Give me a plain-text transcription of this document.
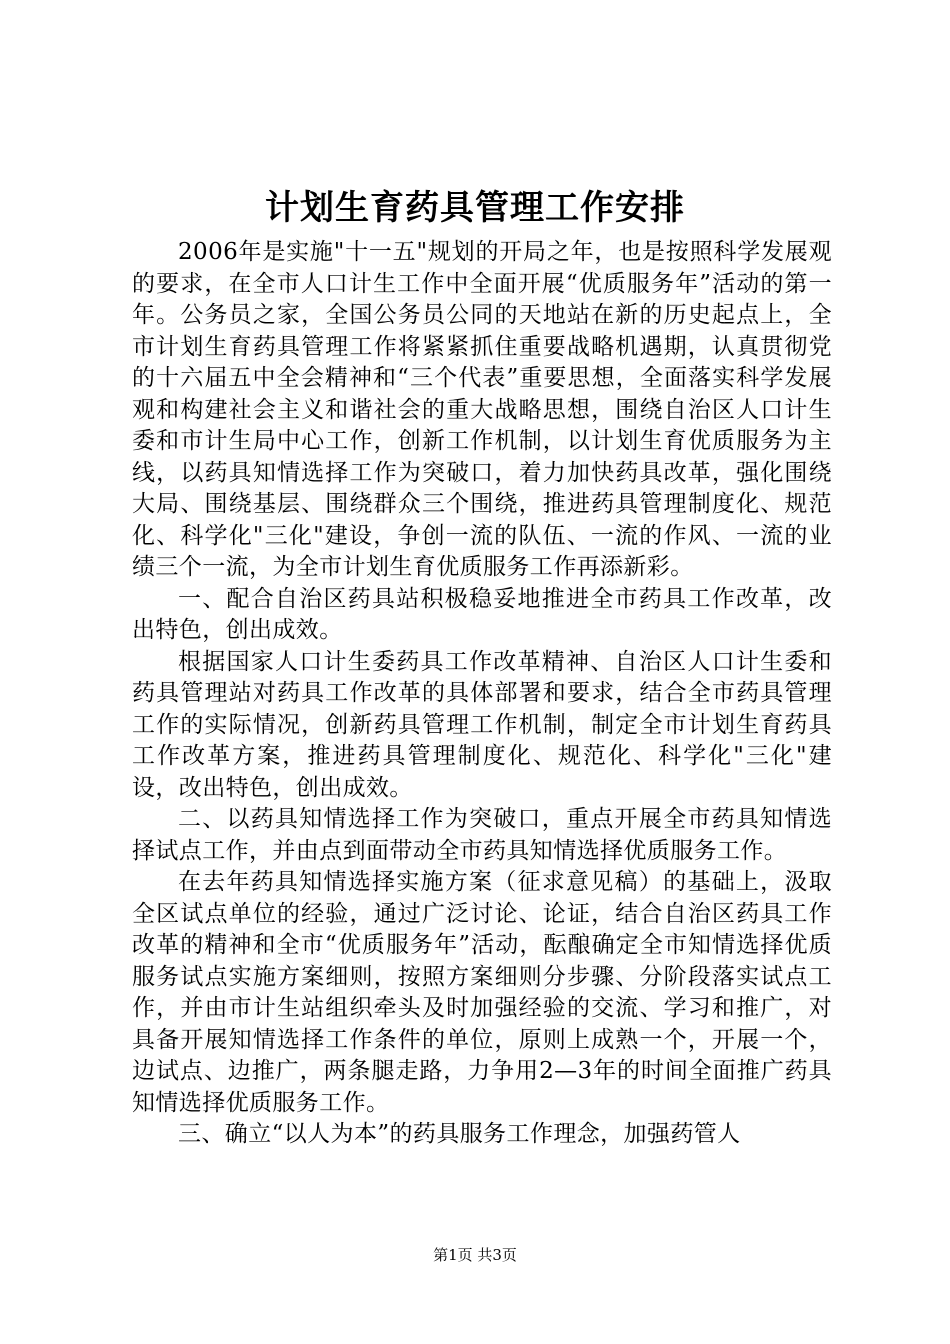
计划生育药具管理工作安排

2006年是实施"十一五"规划的开局之年，也是按照科学发展观的要求，在全市人口计生工作中全面开展“优质服务年”活动的第一年。公务员之家，全国公务员公同的天地站在新的历史起点上，全市计划生育药具管理工作将紧紧抓住重要战略机遇期，认真贯彻党的十六届五中全会精神和“三个代表”重要思想，全面落实科学发展观和构建社会主义和谐社会的重大战略思想，围绕自治区人口计生委和市计生局中心工作，创新工作机制，以计划生育优质服务为主线，以药具知情选择工作为突破口，着力加快药具改革，强化围绕大局、围绕基层、围绕群众三个围绕，推进药具管理制度化、规范化、科学化"三化"建设，争创一流的队伍、一流的作风、一流的业绩三个一流，为全市计划生育优质服务工作再添新彩。

一、配合自治区药具站积极稳妥地推进全市药具工作改革，改出特色，创出成效。

根据国家人口计生委药具工作改革精神、自治区人口计生委和药具管理站对药具工作改革的具体部署和要求，结合全市药具管理工作的实际情况，创新药具管理工作机制，制定全市计划生育药具工作改革方案，推进药具管理制度化、规范化、科学化"三化"建设，改出特色，创出成效。

二、以药具知情选择工作为突破口，重点开展全市药具知情选择试点工作，并由点到面带动全市药具知情选择优质服务工作。

在去年药具知情选择实施方案（征求意见稿）的基础上，汲取全区试点单位的经验，通过广泛讨论、论证，结合自治区药具工作改革的精神和全市“优质服务年”活动，酝酿确定全市知情选择优质服务试点实施方案细则，按照方案细则分步骤、分阶段落实试点工作，并由市计生站组织牵头及时加强经验的交流、学习和推广，对具备开展知情选择工作条件的单位，原则上成熟一个，开展一个，边试点、边推广，两条腿走路，力争用2—3年的时间全面推广药具知情选择优质服务工作。

三、确立“以人为本”的药具服务工作理念，加强药管人

第1页 共3页
